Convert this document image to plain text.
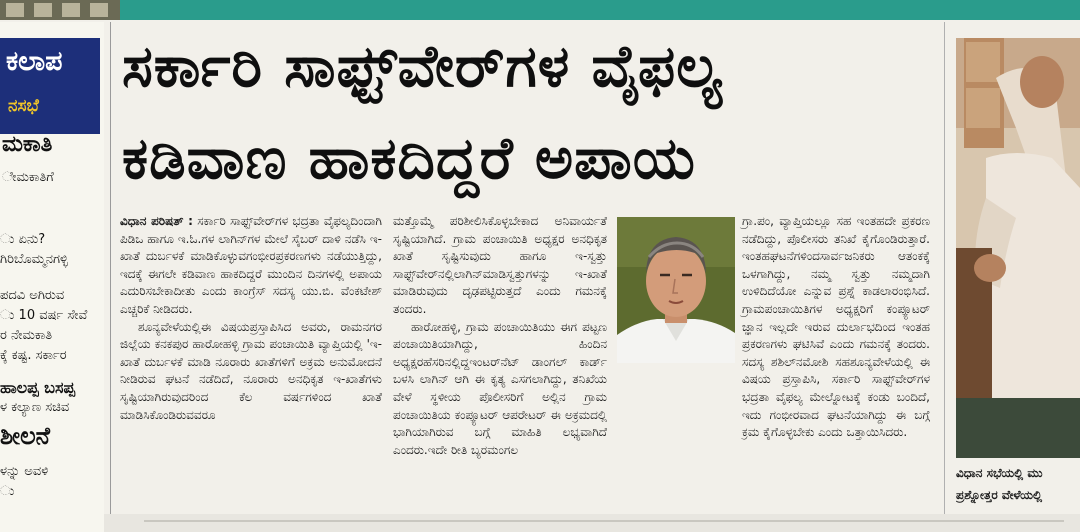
ಕಲಾಪ
ನಸಭೆ
ಮಕಾತಿ
ೇಮಕಾತಿಗೆ
ು ಏನು?
ಗಿರಿಬೊಮ್ಮನಗಳ್ಳಿ
ಪದವಿ ಅಗಿರುವ
ು 10 ವರ್ಷ ಸೇವೆ
ರ ನೇಮಕಾತಿ
ಕ್ಕೆ ಕಷ್ಟ. ಸರ್ಕಾರ
ಹಾಲಪ್ಪ ಬಸಪ್ಪ
ಳ ಕಲ್ಯಾಣ ಸಚಿವ
ಶೀಲನೆ
ಳನ್ನು ಅವಳಿ
ು
ಸರ್ಕಾರಿ ಸಾಫ್ಟ್‌ವೇರ್‌ಗಳ ವೈಫಲ್ಯ
ಕಡಿವಾಣ ಹಾಕದಿದ್ದರೆ ಅಪಾಯ

ವಿಧಾನ ಪರಿಷತ್ : ಸರ್ಕಾರಿ ಸಾಫ್ಟ್‌ವೇರ್‌ಗಳ ಭದ್ರತಾ ವೈಫಲ್ಯದಿಂದಾಗಿ ಪಿಡಿಒ ಹಾಗೂ ಇ.ಓ.ಗಳ ಲಾಗಿನ್‌ಗಳ ಮೇಲೆ ಸೈಬರ್ ದಾಳಿ ನಡೆಸಿ ಇ-ಖಾತೆ ದುರ್ಬಳಕೆ ಮಾಡಿಕೊಳ್ಳುವಗಂಭೀರಪ್ರಕರಣಗಳು ನಡೆಯುತ್ತಿದ್ದು, ಇದಕ್ಕೆ ಈಗಲೇ ಕಡಿವಾಣ ಹಾಕದಿದ್ದರೆ ಮುಂದಿನ ದಿನಗಳಲ್ಲಿ ಅಪಾಯ ಎದುರಿಸಬೇಕಾದೀತು ಎಂದು ಕಾಂಗ್ರೆಸ್ ಸದಸ್ಯ ಯು.ಬಿ. ವೆಂಕಟೇಶ್ ಎಚ್ಚರಿಕೆ ನೀಡಿದರು.

ಶೂನ್ಯವೇಳೆಯಲ್ಲಿಈ ವಿಷಯಪ್ರಸ್ತಾಪಿಸಿದ ಅವರು, ರಾಮನಗರ ಜಿಲ್ಲೆಯ ಕನಕಪುರ ಹಾರೋಹಳ್ಳಿ ಗ್ರಾಮ ಪಂಚಾಯಿತಿ ವ್ಯಾಪ್ತಿಯಲ್ಲಿ 'ಇ-ಖಾತೆ ದುರ್ಬಳಕೆ ಮಾಡಿ ನೂರಾರು ಖಾತೆಗಳಿಗೆ ಅಕ್ರಮ ಅನುಮೋದನೆ ನೀಡಿರುವ ಘಟನೆ ನಡೆದಿದೆ, ನೂರಾರು ಅನಧಿಕೃತ ಇ-ಖಾತೆಗಳು ಸೃಷ್ಟಿಯಾಗಿರುವುದರಿಂದ ಕೆಲ ವರ್ಷಗಳಿಂದ ಖಾತೆ ಮಾಡಿಸಿಕೊಂಡಿರುವವರೂ

ಮತ್ತೊಮ್ಮೆ ಪರಿಶೀಲಿಸಿಕೊಳ್ಳಬೇಕಾದ ಅನಿವಾರ್ಯತೆ ಸೃಷ್ಟಿಯಾಗಿದೆ. ಗ್ರಾಮ ಪಂಚಾಯಿತಿ ಅಧ್ಯಕ್ಷರ ಅನಧಿಕೃತ ಖಾತೆ ಸೃಷ್ಟಿಸುವುದು ಹಾಗೂ ಇ-ಸ್ವತ್ತು ಸಾಫ್ಟ್‌ವೇರ್‌ನಲ್ಲಿಲಾಗಿನ್‌ಮಾಡಿಸ್ವತ್ತುಗಳನ್ನು ಇ-ಖಾತೆ ಮಾಡಿರುವುದು ದೃಢಪಟ್ಟಿರುತ್ತದೆ ಎಂದು ಗಮನಕ್ಕೆ ತಂದರು.

ಹಾರೋಹಳ್ಳಿ, ಗ್ರಾಮ ಪಂಚಾಯಿತಿಯು ಈಗ ಪಟ್ಟಣ ಪಂಚಾಯಿತಿಯಾಗಿದ್ದು, ಹಿಂದಿನ ಅಧ್ಯಕ್ಷರಹೆಸರಿನಲ್ಲಿದ್ದಇಂಟರ್‌ನೆಟ್ ಡಾಂಗಲ್ ಕಾರ್ಡ್ ಬಳಸಿ ಲಾಗಿನ್ ಆಗಿ ಈ ಕೃತ್ಯ ಎಸಗಲಾಗಿದ್ದು, ತನಿಖೆಯ ವೇಳೆ ಸ್ಥಳೀಯ ಪೊಲೀಸರಿಗೆ ಅಲ್ಲಿನ ಗ್ರಾಮ ಪಂಚಾಯಿತಿಯ ಕಂಪ್ಯೂಟರ್ ಆಪರೇಟರ್ ಈ ಅಕ್ರಮದಲ್ಲಿ ಭಾಗಿಯಾಗಿರುವ ಬಗ್ಗೆ ಮಾಹಿತಿ ಲಭ್ಯವಾಗಿದೆ ಎಂದರು.ಇದೇ ರೀತಿ ಬ್ಯರಮಂಗಲ

ಗ್ರಾ.ಪಂ, ವ್ಯಾಪ್ತಿಯಲ್ಲೂ ಸಹ ಇಂತಹದೇ ಪ್ರಕರಣ ನಡೆದಿದ್ದು, ಪೊಲೀಸರು ತನಿಖೆ ಕೈಗೊಂಡಿರುತ್ತಾರೆ. ಇಂತಹಘಟನೆಗಳಿಂದಸಾರ್ವಜನಿಕರು ಆತಂಕಕ್ಕೆ ಒಳಗಾಗಿದ್ದು, ನಮ್ಮ ಸ್ವತ್ತು ನಮ್ಮದಾಗಿ ಉಳಿದಿದೆಯೋ ಎನ್ನುವ ಪ್ರಶ್ನೆ ಕಾಡಲಾರಂಭಿಸಿದೆ. ಗ್ರಾಮಪಂಚಾಯಿತಿಗಳ ಅಧ್ಯಕ್ಷರಿಗೆ ಕಂಪ್ಯೂಟರ್ ಜ್ಞಾನ ಇಲ್ಲದೇ ಇರುವ ದುರ್ಲಾಭದಿಂದ ಇಂತಹ ಪ್ರಕರಣಗಳು ಘಟಿಸಿವೆ ಎಂದು ಗಮನಕ್ಕೆ ತಂದರು. ಸದಸ್ಯ ಶಶಿಲ್‌ನಮೋಶಿ ಸಹಶೂನ್ಯವೇಳೆಯಲ್ಲಿ ಈ ವಿಷಯ ಪ್ರಸ್ತಾಪಿಸಿ, ಸರ್ಕಾರಿ ಸಾಫ್ಟ್‌ವೇರ್‌ಗಳ ಭದ್ರತಾ ವೈಫಲ್ಯ ಮೇಲ್ನೋಟಕ್ಕೆ ಕಂಡು ಬಂದಿದೆ, ಇದು ಗಂಭೀರವಾದ ಘಟನೆಯಾಗಿದ್ದು ಈ ಬಗ್ಗೆ ಕ್ರಮ ಕೈಗೊಳ್ಳಬೇಕು ಎಂದು ಒತ್ತಾಯಿಸಿದರು.

ವಿಧಾನ ಸಭೆಯಲ್ಲಿ ಮು
ಪ್ರಶ್ನೋತ್ತರ ವೇಳೆಯಲ್ಲಿ
